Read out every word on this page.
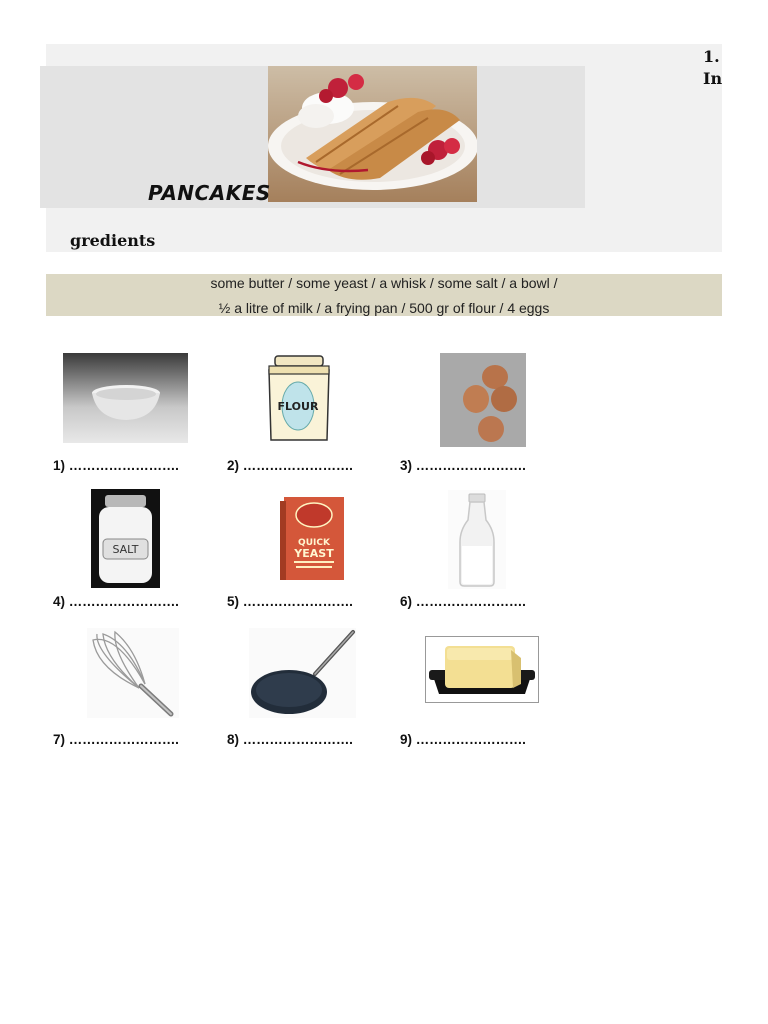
PANCAKES
1.
In
gredients
some butter / some yeast / a whisk / some salt / a bowl /
½ a litre of milk / a frying pan / 500 gr of flour / 4 eggs
FLOUR
1) …………………….	2) …………………….	3) …………………….
SALT	QUICK
YEAST
4) …………………….	5) …………………….	6) …………………….
7) …………………….	8) …………………….	9) …………………….
